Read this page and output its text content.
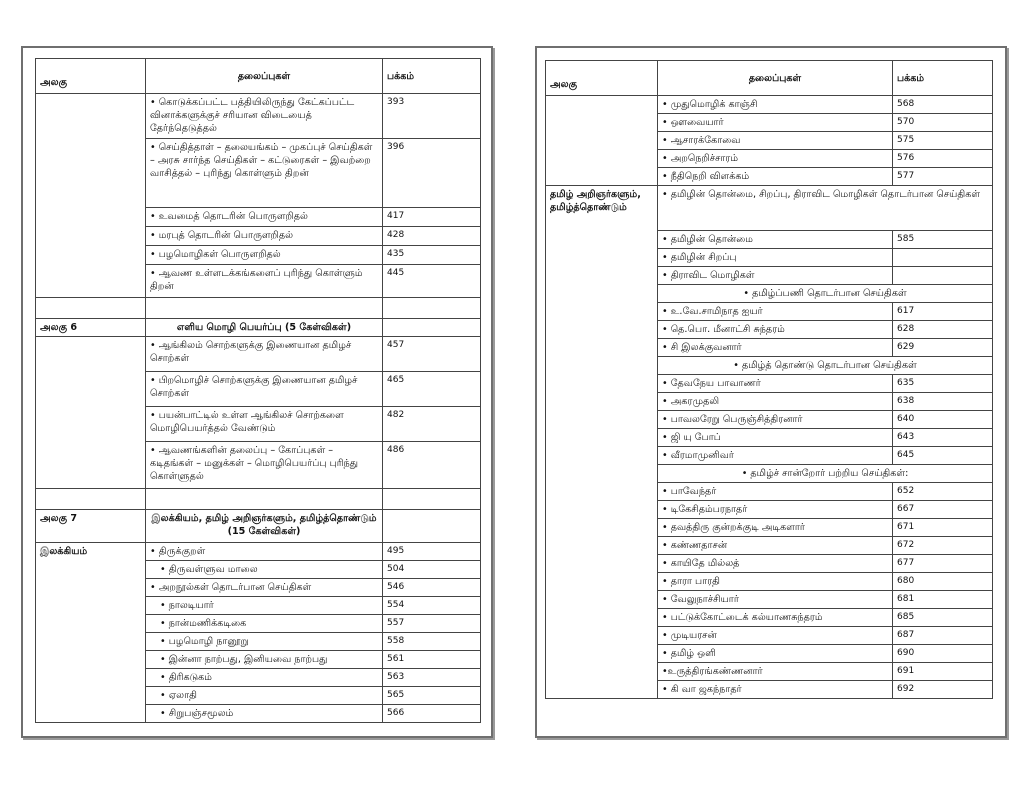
அலகு	தலைப்புகள்	பக்கம்
	• கொடுக்கப்பட்ட பத்தியிலிருந்து கேட்கப்பட்ட வினாக்களுக்குச் சரியான விடையைத் தேர்ந்தெடுத்தல்	393
	• செய்தித்தாள் – தலையங்கம் – முகப்புச் செய்திகள் – அரசு சார்ந்த செய்திகள் – கட்டுரைகள் – இவற்றை வாசித்தல் – புரிந்து கொள்ளும் திறன்	396
	• உவமைத் தொடரின் பொருளறிதல்	417
	• மரபுத் தொடரின் பொருளறிதல்	428
	• பழமொழிகள் பொருளறிதல்	435
	• ஆவண உள்ளடக்கங்களைப் புரிந்து கொள்ளும் திறன்	445

அலகு 6	எளிய மொழி பெயர்ப்பு (5 கேள்விகள்)	
	• ஆங்கிலம் சொற்களுக்கு இணையான தமிழச் சொற்கள்	457
	• பிறமொழிச் சொற்களுக்கு இணையான தமிழச் சொற்கள்	465
	• பயன்பாட்டில் உள்ள ஆங்கிலச் சொற்களை மொழிபெயர்த்தல் வேண்டும்	482
	• ஆவணங்களின் தலைப்பு – கோப்புகள் – கடிதங்கள் – மனுக்கள் – மொழிபெயர்ப்பு புரிந்து கொள்ளுதல்	486

அலகு 7	இலக்கியம், தமிழ் அறிஞர்களும், தமிழ்த்தொண்டும் (15 கேள்விகள்)	
இலக்கியம்	• திருக்குறள்	495
	• திருவள்ளுவ மாலை	504
	• அறநூல்கள் தொடர்பான செய்திகள்	546
	• நாலடியார்	554
	• நான்மணிக்கடிகை	557
	• பழமொழி நானூறு	558
	• இன்னா நாற்பது, இனியவை நாற்பது	561
	• திரிகடுகம்	563
	• ஏலாதி	565
	• சிறுபஞ்சமூலம்	566
அலகு	தலைப்புகள்	பக்கம்
	• முதுமொழிக் காஞ்சி	568
	• ஔவையார்	570
	• ஆசாரக்கோவை	575
	• அறநெறிச்சாரம்	576
	• நீதிநெறி விளக்கம்	577
தமிழ் அறிஞர்களும், தமிழ்த்தொண்டும்	• தமிழின் தொன்மை, சிறப்பு, திராவிட மொழிகள் தொடர்பான செய்திகள்	
	• தமிழின் தொன்மை	585
	• தமிழின் சிறப்பு	
	• திராவிட மொழிகள்	
	• தமிழ்ப்பணி தொடர்பான செய்திகள்	
	• உ.வே.சாமிநாத ஐயர்	617
	• தெ.பொ. மீனாட்சி சுந்தரம்	628
	• சி இலக்குவனார்	629
	• தமிழ்த் தொண்டு தொடர்பான செய்திகள்	
	• தேவநேய பாவாணர்	635
	• அகரமுதலி	638
	• பாவலரேறு பெருஞ்சித்திரனார்	640
	• ஜி யு போப்	643
	• வீரமாமுனிவர்	645
	• தமிழ்ச் சான்றோர் பற்றிய செய்திகள்:	
	• பாவேந்தர்	652
	• டிகேசிதம்பரநாதர்	667
	• தவத்திரு குன்றக்குடி அடிகளார்	671
	• கண்ணதாசன்	672
	• காயிதே மில்லத்	677
	• தாரா பாரதி	680
	• வேலுநாச்சியார்	681
	• பட்டுக்கோட்டைக் கல்யாணசுந்தரம்	685
	• முடியரசன்	687
	• தமிழ் ஒளி	690
	•உருத்திரங்கண்ணனார்	691
	• கி வா ஜகந்நாதர்	692
